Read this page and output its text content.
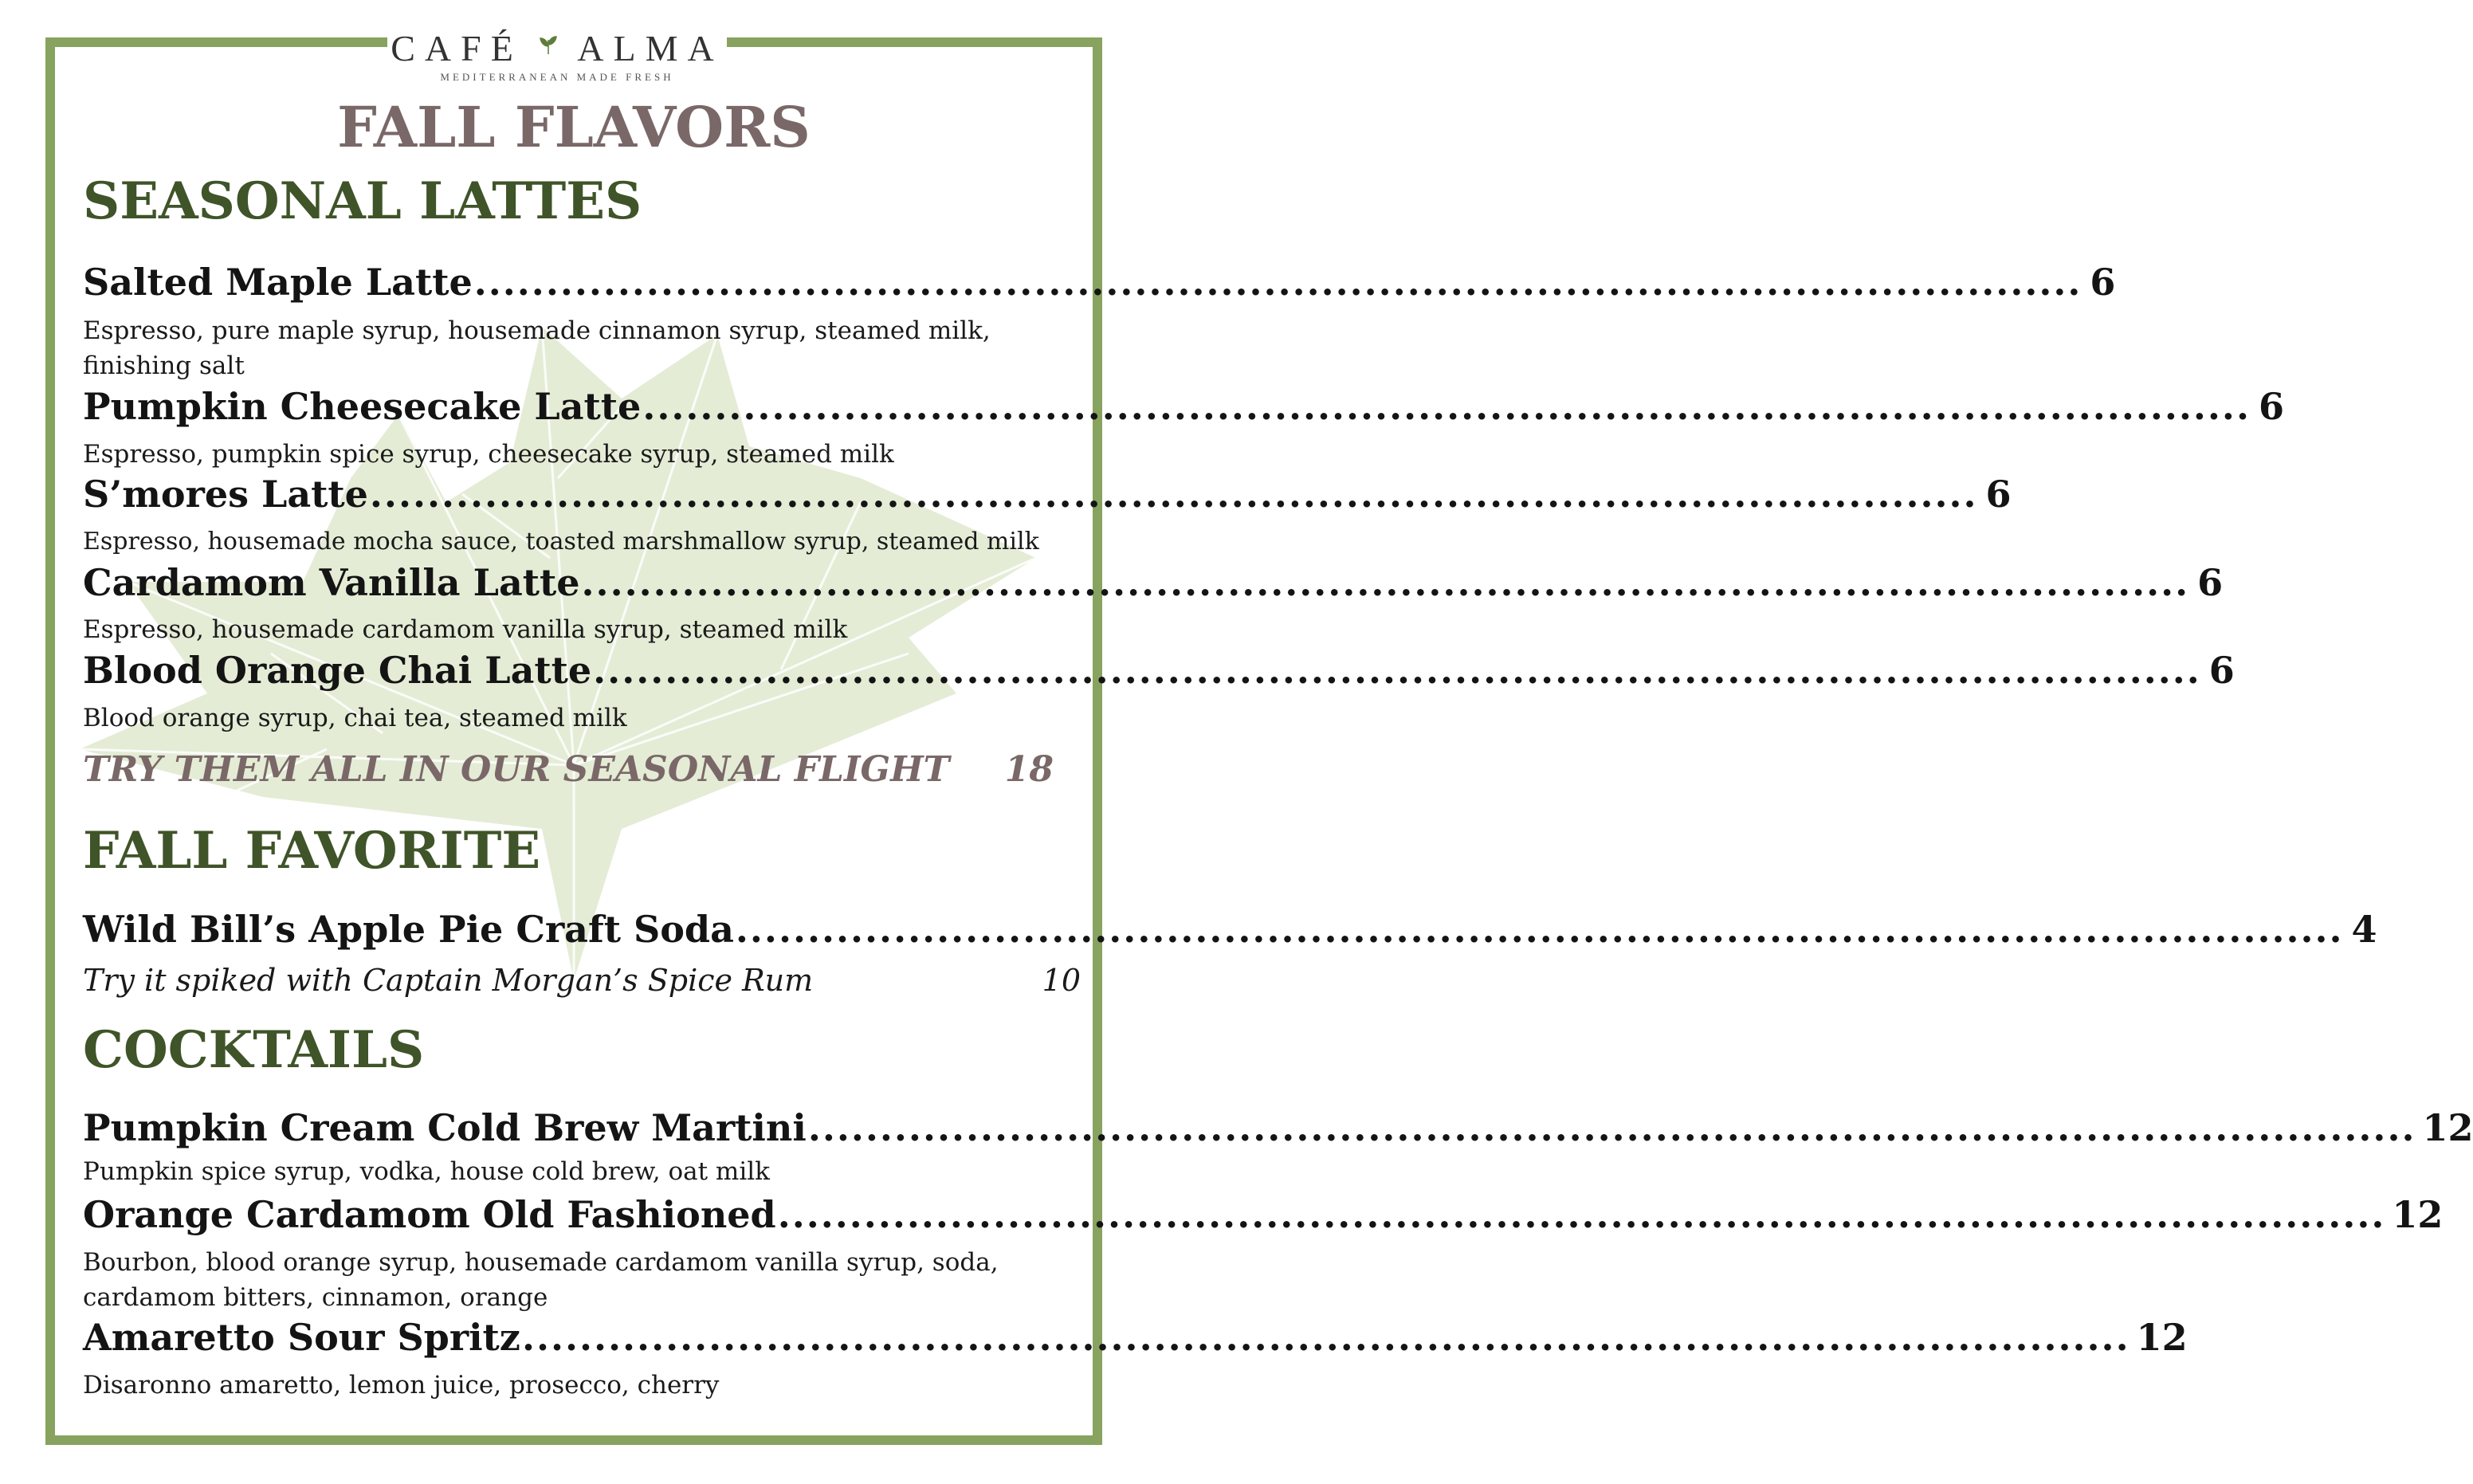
CAFÉ ALMA
MEDITERRANEAN MADE FRESH
FALL FLAVORS
SEASONAL LATTES
Salted Maple Latte ................................................................................................................ 6
Espresso, pure maple syrup, housemade cinnamon syrup, steamed milk, finishing salt
Pumpkin Cheesecake Latte ................................................................................................................ 6
Espresso, pumpkin spice syrup, cheesecake syrup, steamed milk
S’mores Latte ................................................................................................................ 6
Espresso, housemade mocha sauce, toasted marshmallow syrup, steamed milk
Cardamom Vanilla Latte ................................................................................................................ 6
Espresso, housemade cardamom vanilla syrup, steamed milk
Blood Orange Chai Latte ................................................................................................................ 6
Blood orange syrup, chai tea, steamed milk
TRY THEM ALL IN OUR SEASONAL FLIGHT 18
FALL FAVORITE
Wild Bill’s Apple Pie Craft Soda ................................................................................................................ 4
Try it spiked with Captain Morgan’s Spice Rum	10
COCKTAILS
Pumpkin Cream Cold Brew Martini ................................................................................................................ 12
Pumpkin spice syrup, vodka, house cold brew, oat milk
Orange Cardamom Old Fashioned ................................................................................................................ 12
Bourbon, blood orange syrup, housemade cardamom vanilla syrup, soda, cardamom bitters, cinnamon, orange
Amaretto Sour Spritz ................................................................................................................ 12
Disaronno amaretto, lemon juice, prosecco, cherry
